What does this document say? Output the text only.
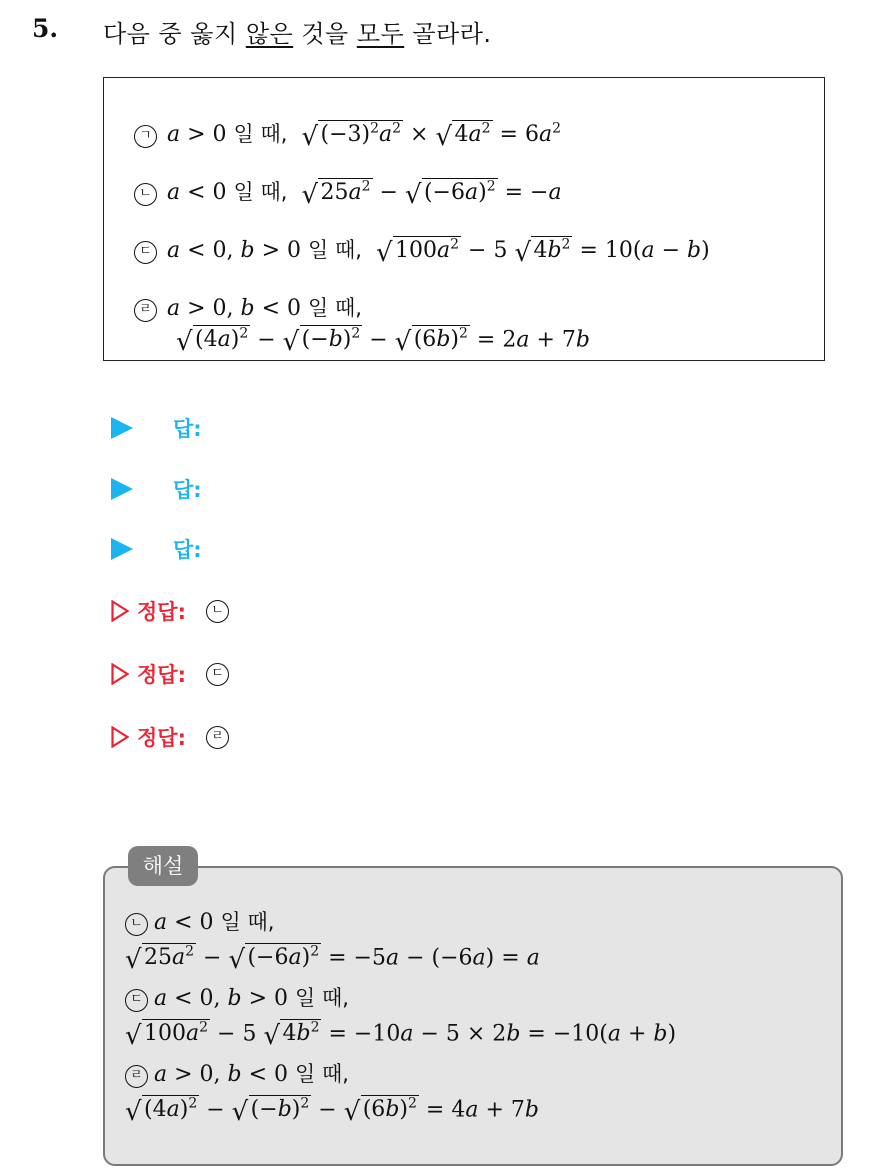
5. 다음 중 옳지 않은 것을 모두 골라라.
ㄱ a > 0 일 때, √ $(-3)^2a^2$ × √ $4a^2 = 6a^2$
ㄴ a < 0 일 때, √ $25a^2$ − √ $(-6a)^2 = -a$
ㄷ a < 0, b > 0 일 때, √ $100a^2 - 5$ √ $4b^2 = 10(a - b)$
ㄹ a > 0, b < 0 일 때,
√ $(4a)^2$ − √ $(-b)^2$ − √ $(6b)^2 = 2a + 7b$
답:
답:
답:
정답: ㄴ
정답: ㄷ
정답: ㄹ
ㄴ a < 0 일 때,
√ $25a^2$ − √ $(-6a)^2 = -5a - (-6a) = a$
ㄷ a < 0, b > 0 일 때,
√ $100a^2 - 5$ √ $4b^2 = -10a - 5 \times 2b = -10(a + b)$
ㄹ a > 0, b < 0 일 때,
√ $(4a)^2$ − √ $(-b)^2$ − √ $(6b)^2 = 4a + 7b$
해설
